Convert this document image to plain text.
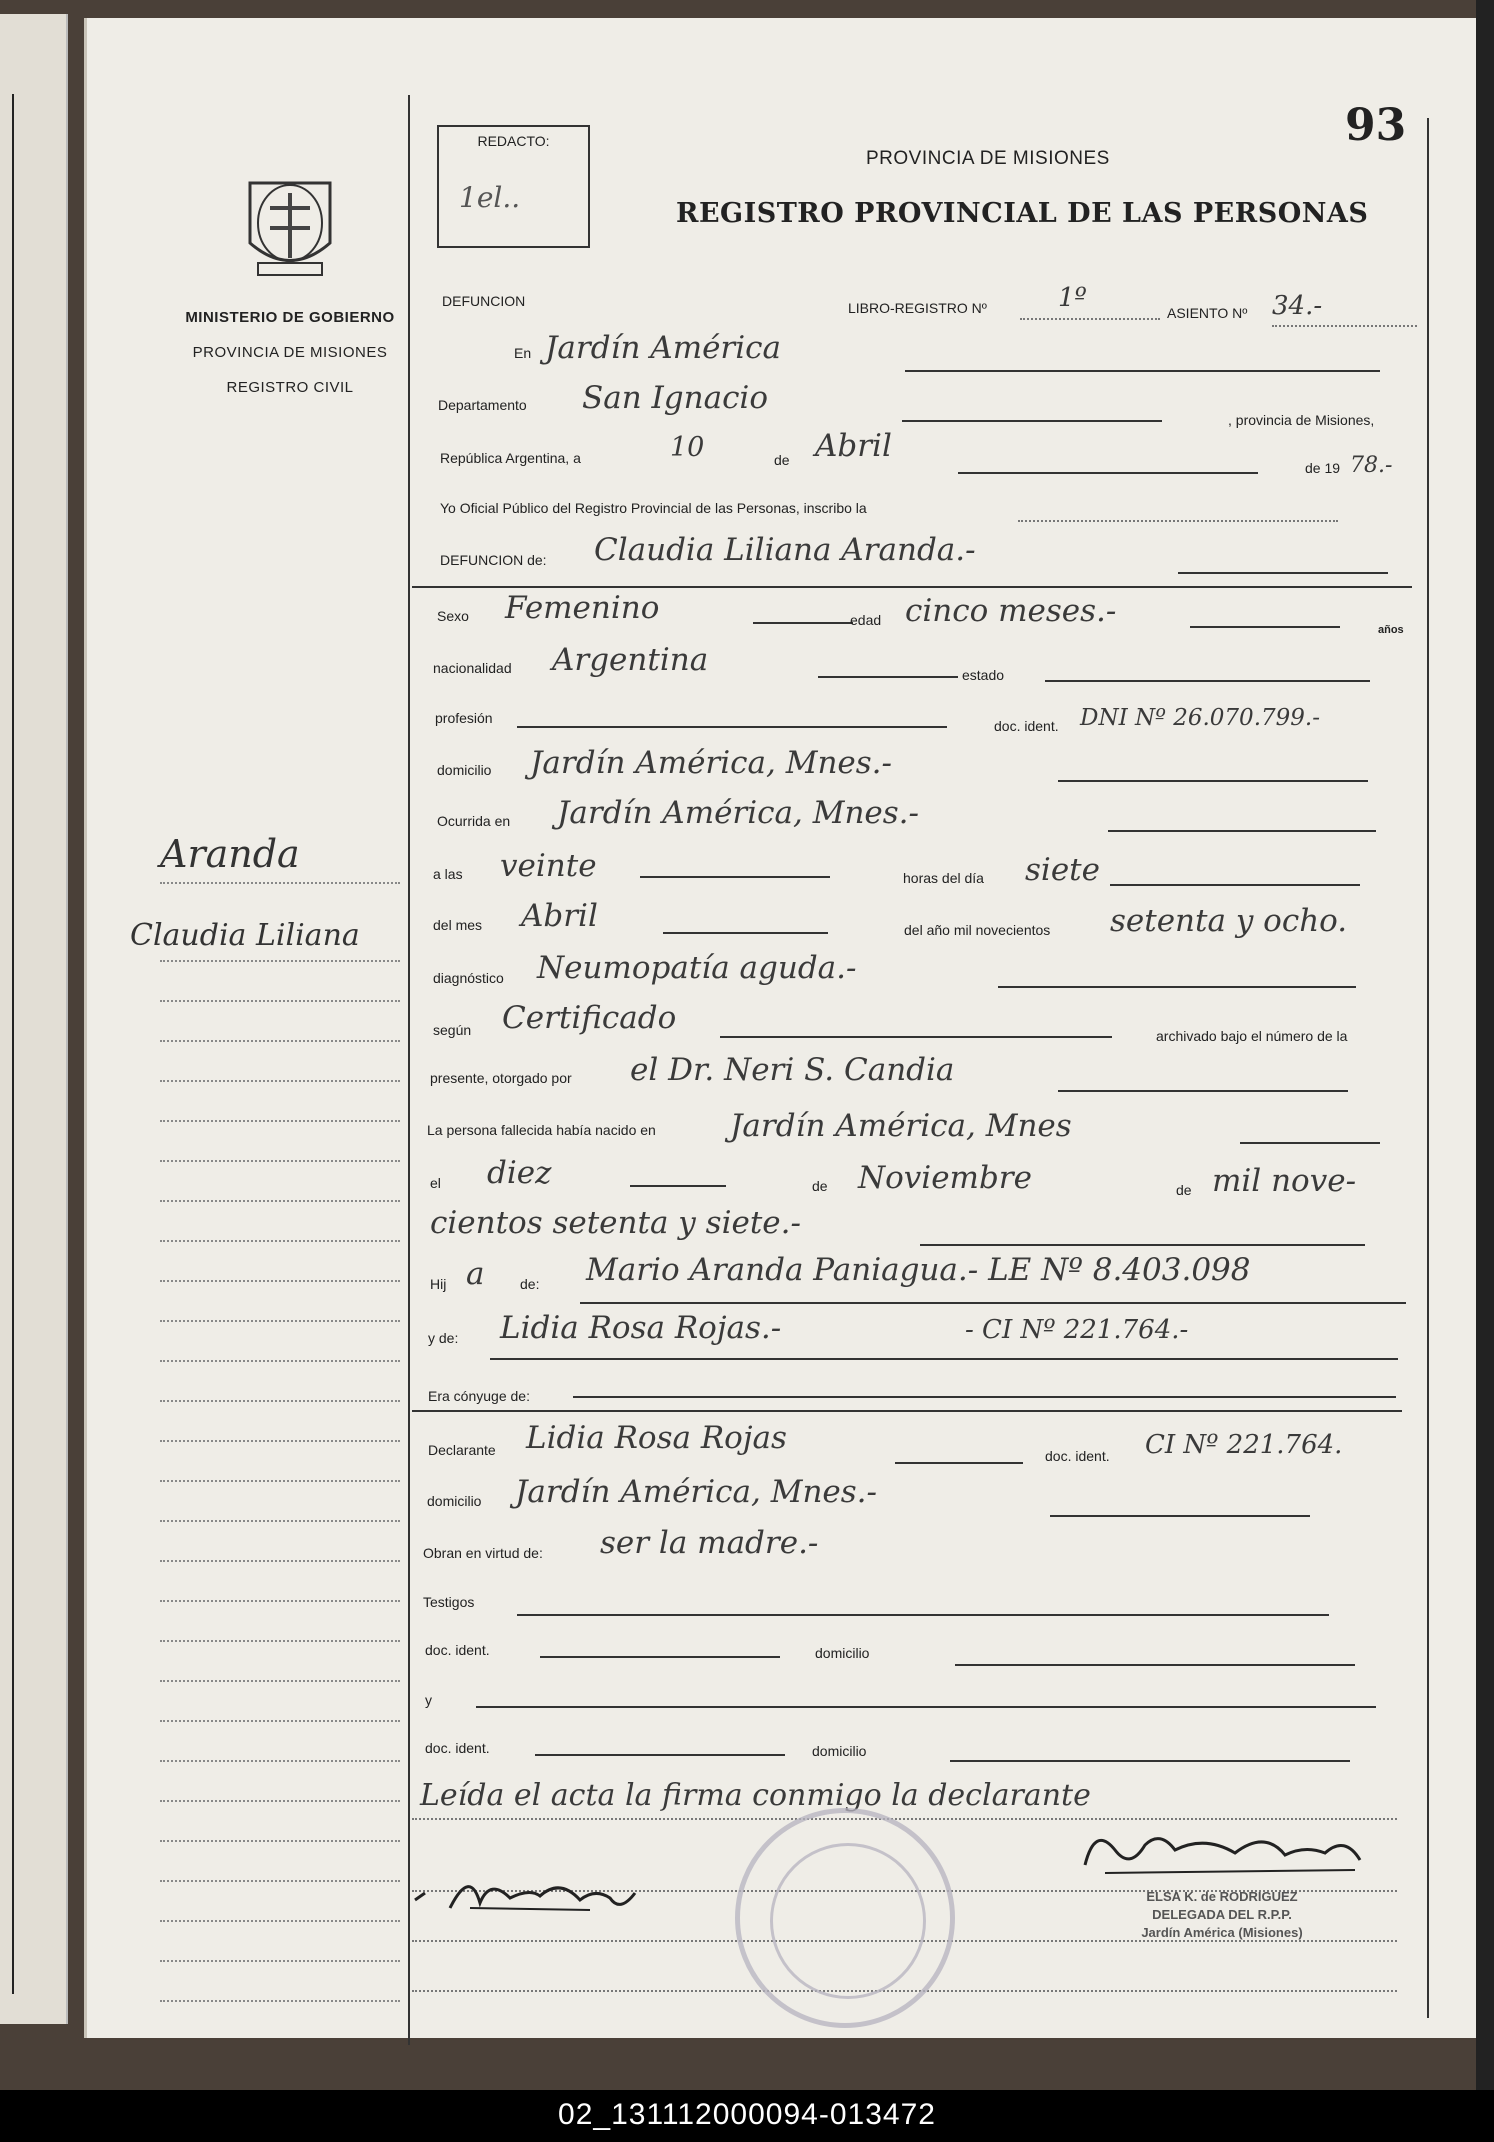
MINISTERIO DE GOBIERNO
PROVINCIA DE MISIONES
REGISTRO CIVIL
REDACTO:
1el..
93
PROVINCIA DE MISIONES
REGISTRO PROVINCIAL DE LAS PERSONAS
DEFUNCION	LIBRO-REGISTRO Nº	1º	ASIENTO Nº 34.-
En Jardín América
Departamento San Ignacio
, provincia de Misiones,
República Argentina, a	10	de Abril
de 19 78.-
Yo Oficial Público del Registro Provincial de las Personas, inscribo la
DEFUNCION de: Claudia Liliana Aranda.-
Sexo Femenino	edad cinco meses.-
años
nacionalidad Argentina	estado
profesión	doc. ident. DNI Nº 26.070.799.-
domicilio Jardín América, Mnes.-
Ocurrida en Jardín América, Mnes.-
a las veinte	horas del día siete
del mes Abril	del año mil novecientos setenta y ocho.
diagnóstico Neumopatía aguda.-
según Certificado	archivado bajo el número de la
presente, otorgado por el Dr. Neri S. Candia
La persona fallecida había nacido en Jardín América, Mnes
el diez	de Noviembre	de mil nove-
cientos setenta y siete.-
Hij a	de: Mario Aranda Paniagua.- LE Nº 8.403.098
y de: Lidia Rosa Rojas.-	- CI Nº 221.764.-
Era cónyuge de:
Declarante Lidia Rosa Rojas	doc. ident. CI Nº 221.764.
domicilio Jardín América, Mnes.-
Obran en virtud de: ser la madre.-
Testigos
doc. ident.	domicilio
y
doc. ident.	domicilio
Leída el acta la firma conmigo la declarante
ELSA K. de RODRIGUEZ
DELEGADA DEL R.P.P.
Jardín América (Misiones)
Aranda
Claudia Liliana
02_131112000094-013472
